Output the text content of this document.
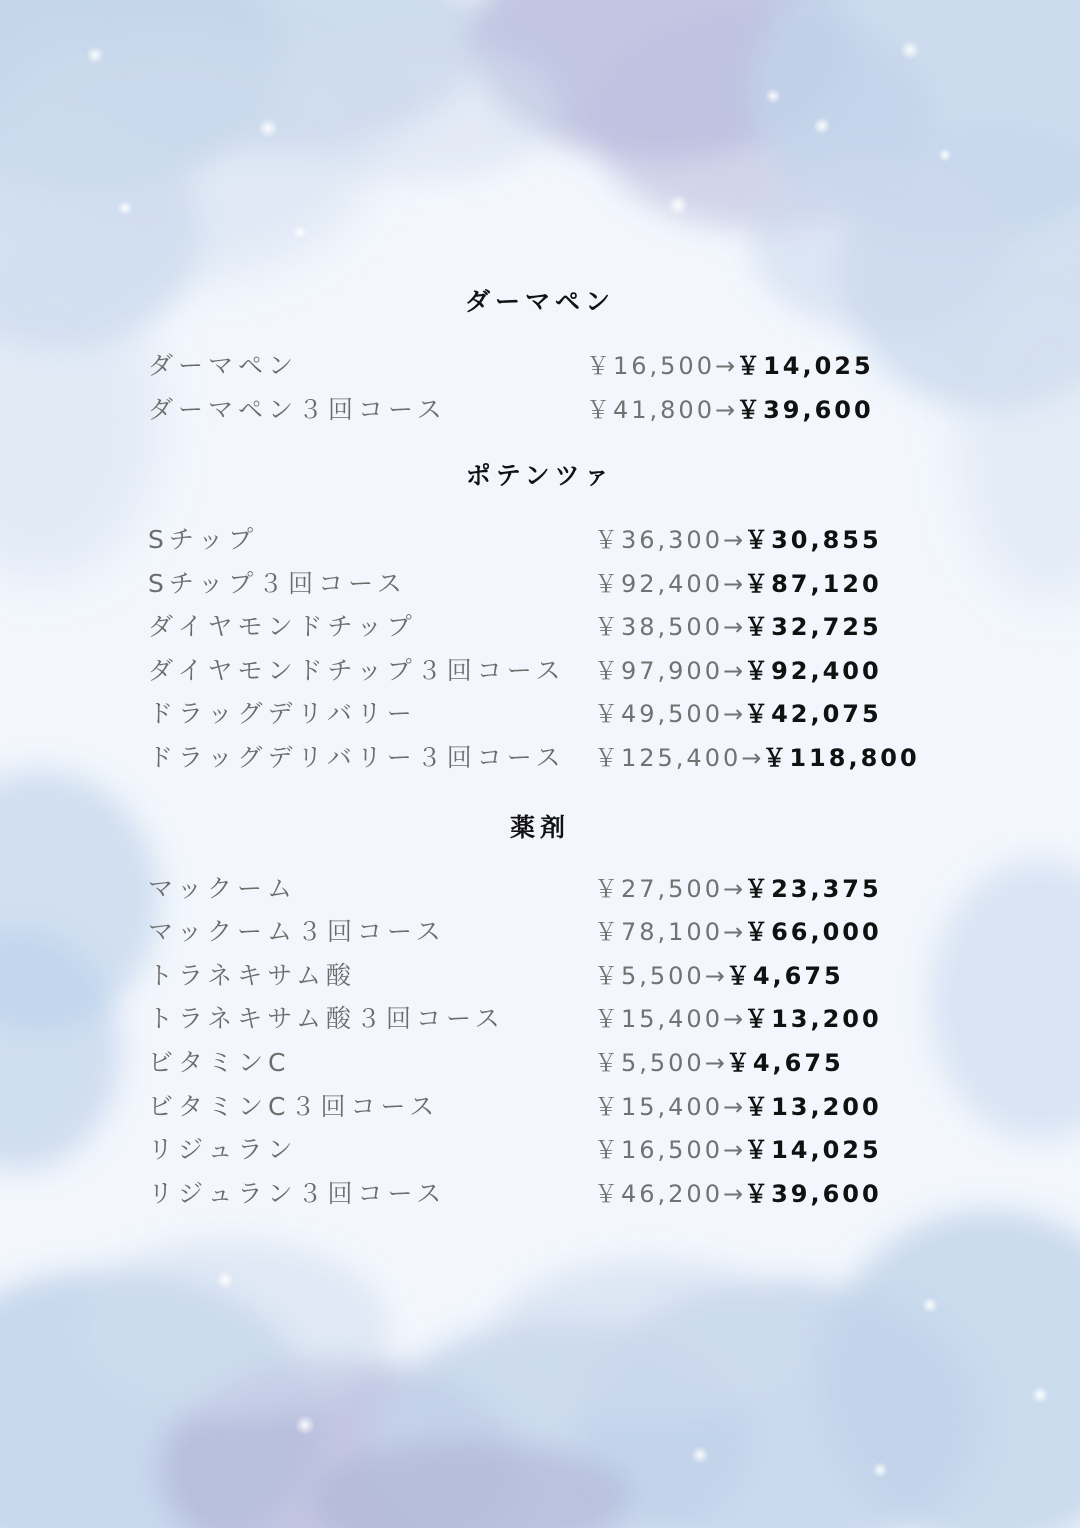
ダーマペン
ダーマペン	￥16,500→￥14,025
ダーマペン３回コース	￥41,800→￥39,600
ポテンツァ
Sチップ	￥36,300→￥30,855
Sチップ３回コース	￥92,400→￥87,120
ダイヤモンドチップ	￥38,500→￥32,725
ダイヤモンドチップ３回コース ￥97,900→￥92,400
ドラッグデリバリー	￥49,500→￥42,075
ドラッグデリバリー３回コース ￥125,400→￥118,800
薬剤
マックーム	￥27,500→￥23,375
マックーム３回コース	￥78,100→￥66,000
トラネキサム酸	￥5,500→￥4,675
トラネキサム酸３回コース	￥15,400→￥13,200
ビタミンC	￥5,500→￥4,675
ビタミンC３回コース	￥15,400→￥13,200
リジュラン	￥16,500→￥14,025
リジュラン３回コース	￥46,200→￥39,600
